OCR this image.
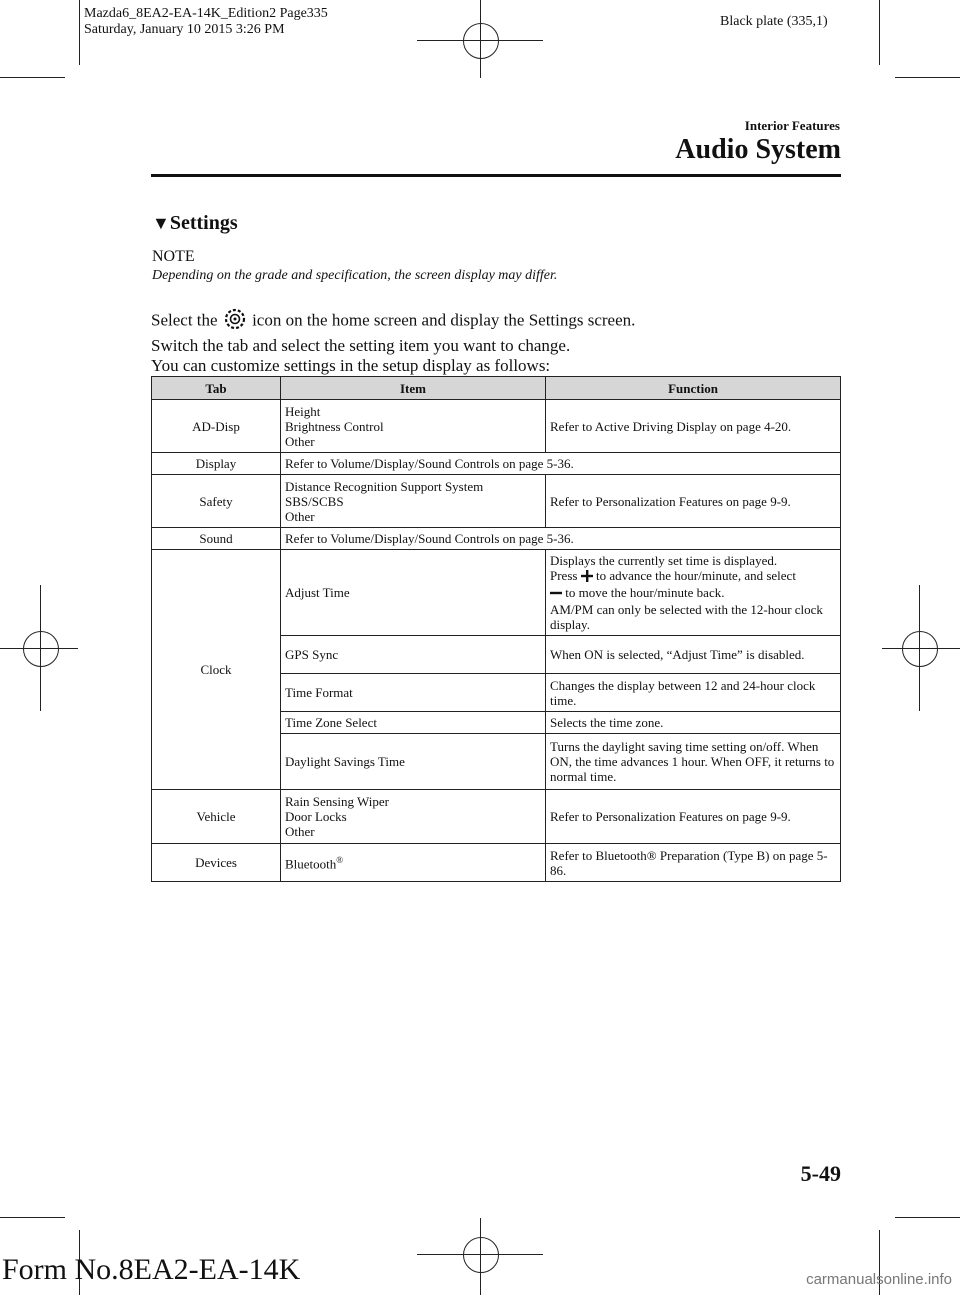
Mazda6_8EA2-EA-14K_Edition2 Page335
Saturday, January 10 2015 3:26 PM
Black plate (335,1)
Interior Features
Audio System
▼Settings
NOTE
Depending on the grade and specification, the screen display may differ.
Select the icon on the home screen and display the Settings screen.
Switch the tab and select the setting item you want to change.
You can customize settings in the setup display as follows:
Tab	Item	Function
AD-Disp	Height
Brightness Control
Other	Refer to Active Driving Display on page 4-20.
Display	Refer to Volume/Display/Sound Controls on page 5-36.	
Safety	Distance Recognition Support System
SBS/SCBS
Other	Refer to Personalization Features on page 9-9.
Sound	Refer to Volume/Display/Sound Controls on page 5-36.	
Clock	Adjust Time	Displays the currently set time is displayed.
Press to advance the hour/minute, and select
to move the hour/minute back.
AM/PM can only be selected with the 12-hour clock display.

	GPS Sync	When ON is selected, “Adjust Time” is disabled.
	Time Format	Changes the display between 12 and 24-hour clock time.
	Time Zone Select	Selects the time zone.
	Daylight Savings Time	Turns the daylight saving time setting on/off. When ON, the time advances 1 hour. When OFF, it returns to normal time.
Vehicle	Rain Sensing Wiper
Door Locks
Other	Refer to Personalization Features on page 9-9.
Devices	Bluetooth®	Refer to Bluetooth® Preparation (Type B) on page 5-86.
5-49
Form No.8EA2-EA-14K	carmanualsonline.info
